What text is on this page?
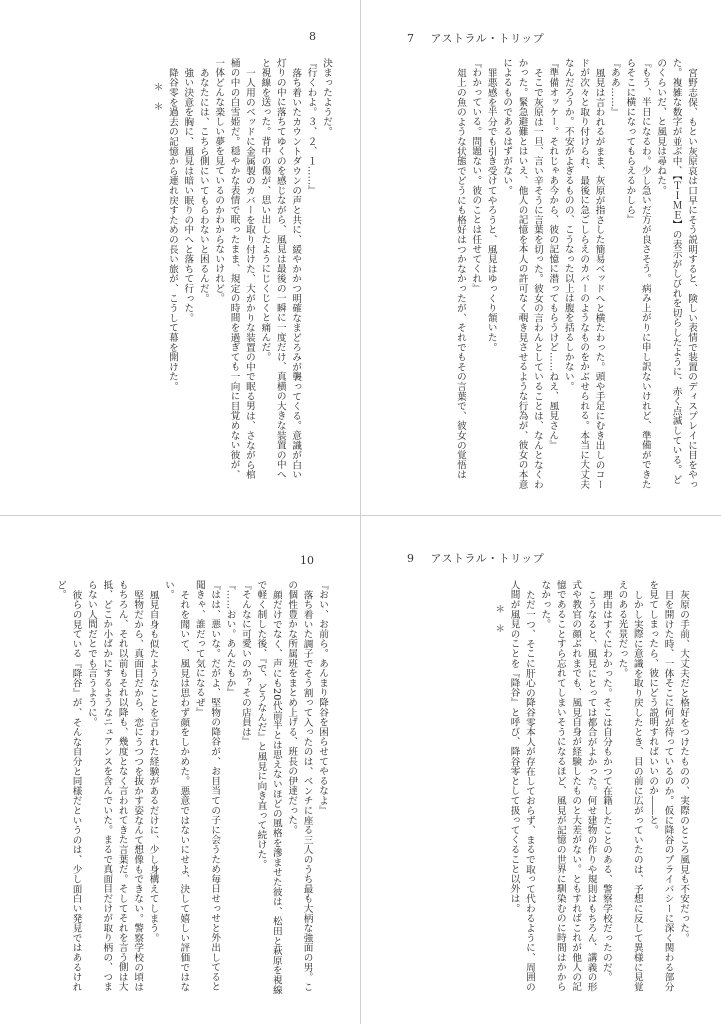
8

決まったようだ。

『行くわよ。３、２、１……』

落ち着いたカウントダウンの声と共に、緩やかかつ明確なまどろみが襲ってくる。意識が白い灯りの中に落ちてゆくのを感じながら、風見は最後の一瞬に一度だけ、真横の大きな装置の中へと視線を送った。背中の傷が、思い出したようにじくじくと痛んだ。

一人用のベッドに金属製のカバーを取り付けた、大がかりな装置の中で眠る男は、さながら棺桶の中の白雪姫だ。穏やかな表情で眠ったまま、規定の時間を過ぎても一向に目覚めない彼が、一体どんな楽しい夢を見ているのかわからないけれど。

あなたには、こちら側にいてもらわないと困るんだ。

強い決意を胸に、風見は暗い眠りの中へと落ちて行った。

降谷零を過去の記憶から連れ戻すための長い旅が、こうして幕を開けた。

＊　＊

7 アストラル・トリップ

宮野志保、もとい灰原哀は口早にそう説明すると、険しい表情で装置のディスプレイに目をやった。複雑な数字が並ぶ中、【ＴＩＭＥ】の表示がしびれを切らしたように、赤く点滅している。どのくらいだ、と風見は尋ねた。

『もう、半日になるわ。少し急いだ方が良さそう。病み上がりに申し訳ないけれど、準備ができたらそこに横になってもらえるかしら』

『ああ……』

風見は言われるがまま、灰原が指さした簡易ベッドへと横たわった。頭や手足にむき出しのコードが次々と取り付けられ、最後に急ごしらえのカバーのようなものをかぶせられる。本当に大丈夫なんだろうか。不安がよぎるものの、こうなった以上は腹を括るしかない。

『準備オッケー。それじゃあ今から、彼の記憶に潜ってもらうけど……ねえ、風見さん』

そこで灰原は一旦、言い辛そうに言葉を切った。彼女の言わんとしていることは、なんとなくわかった。緊急避難とはいえ、他人の記憶を本人の許可なく覗き見させるような行為が、彼女の本意によるものであるはずがない。

罪悪感を半分でも引き受けてやろうと、風見はゆっくり頷いた。

『わかっている。問題ない。彼のことは任せてくれ』

俎上の魚のような状態でどうにも格好はつかなかったが、それでもその言葉で、彼女の覚悟は

10

『おい、お前ら。あんまり降谷を困らせてやるなよ』

落ち着いた調子でそう割って入ったのは、ベンチに座る三人のうち最も大柄な強面の男。この個性豊かな所属班をまとめ上げる、班長の伊達だった。

顔だけでなく、声にも20代前半とは思えないほどの風格を滲ませた彼は、松田と萩原を視線で軽く制した後、『で、どうなんだ』と風見に向き直って続けた。

『そんなに可愛いのか？その店員は』

『……おい。あんたもか』

『はは、悪いな。だがよ、堅物の降谷が、お目当ての子に会うため毎日せっせと外出してると聞きゃ、誰だって気になるぜ』

それを聞いて、風見は思わず顔をしかめた。悪意ではないにせよ、決して嬉しい評価ではない。

風見自身も似たようなことを言われた経験があるだけに、少し身構えてしまう。

堅物だから、真面目だから、恋にうつつを抜かす姿なんて想像もできない。警察学校の頃はもちろん、それ以前もそれ以降も、幾度となく言われてきた言葉だ。そしてそれを言う側は大抵、どこか小ばかにするようなニュアンスを含んでいた。まるで真面目だけが取り柄の、つまらない人間だとでも言うように。

彼らの見ている『降谷』が、そんな自分と同様だというのは、少し面白い発見ではあるけれど。

9 アストラル・トリップ

灰原の手前、大丈夫だと格好をつけたものの、実際のところ風見も不安だった。

目を開けた時、一体そこに何が待っているのか。仮に降谷のプライバシーに深く関わる部分を見てしまったら、彼にどう説明すればいいのか――と。

しかし実際に意識を取り戻したとき、目の前に広がっていたのは、予想に反して異様に見覚えのある光景だった。

理由はすぐにわかった。そこは自分もかつて在籍したことのある、警察学校だったのだ。

こうなると、風見にとっては都合がよかった。何せ建物の作りや規則はもちろん、講義の形式や教官の顔ぶれまでも、風見自身が経験したものと大差がない。ともすればこれが他人の記憶であることすら忘れてしまいそうになるほど、風見が記憶の世界に馴染むのに時間はかからなかった。

ただ一つ、そこに肝心の降谷零本人が存在しておらず、まるで取って代わるように、周囲の人間が風見のことを『降谷』と呼び、降谷零として扱ってくること以外は。

＊　＊
